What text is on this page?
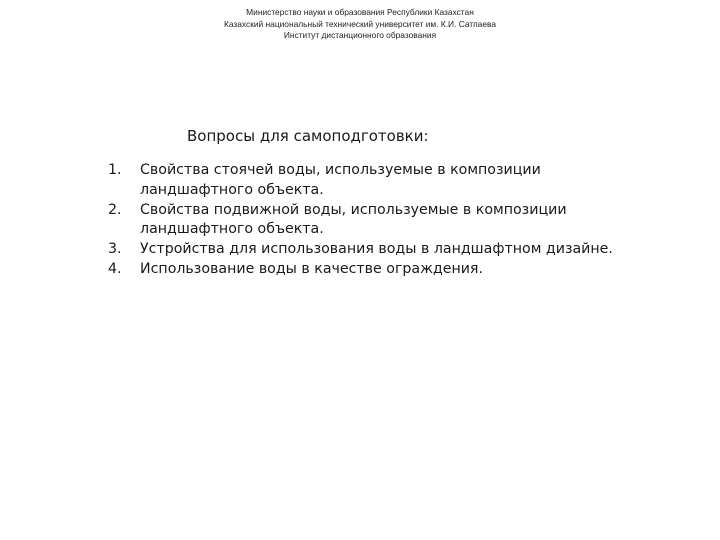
Министерство науки и образования Республики Казахстан
Казахский национальный технический университет им. К.И. Сатпаева
Институт дистанционного образования
Вопросы для самоподготовки:
1.	Свойства стоячей воды, используемые в композиции ландшафтного объекта.
2.	Свойства подвижной воды, используемые в композиции ландшафтного объекта.
3.	Устройства для использования воды в ландшафтном дизайне.
4.	Использование воды в качестве ограждения.
